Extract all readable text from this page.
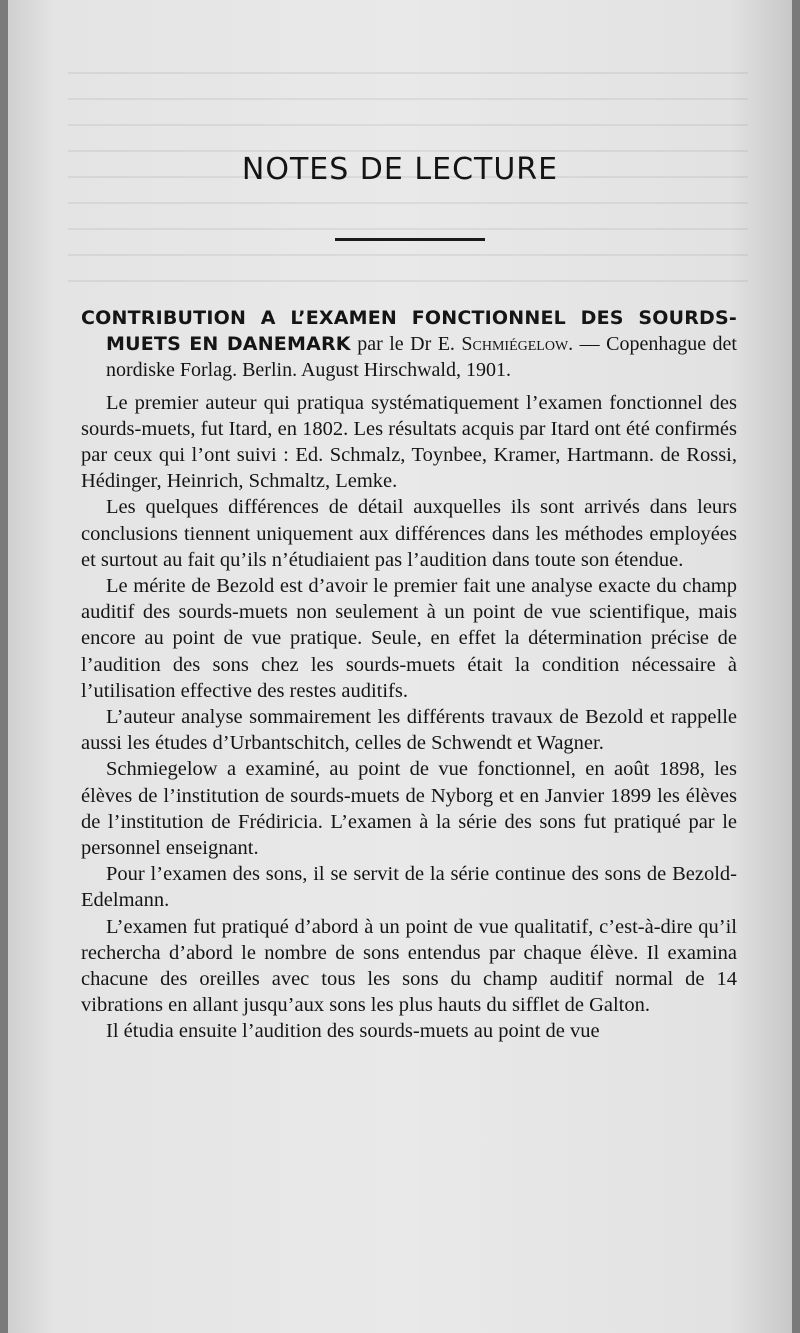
NOTES DE LECTURE

CONTRIBUTION A L’EXAMEN FONCTIONNEL DES SOURDS-MUETS EN DANEMARK par le Dr E. Schmiégelow. — Copenhague det nordiske Forlag. Berlin. August Hirschwald, 1901.

Le premier auteur qui pratiqua systématiquement l’examen fonctionnel des sourds-muets, fut Itard, en 1802. Les résultats acquis par Itard ont été confirmés par ceux qui l’ont suivi : Ed. Schmalz, Toynbee, Kramer, Hartmann. de Rossi, Hédinger, Heinrich, Schmaltz, Lemke.

Les quelques différences de détail auxquelles ils sont arrivés dans leurs conclusions tiennent uniquement aux différences dans les méthodes employées et surtout au fait qu’ils n’étudiaient pas l’audition dans toute son étendue.

Le mérite de Bezold est d’avoir le premier fait une analyse exacte du champ auditif des sourds-muets non seulement à un point de vue scientifique, mais encore au point de vue pratique. Seule, en effet la détermination précise de l’audition des sons chez les sourds-muets était la condition nécessaire à l’utilisation effective des restes auditifs.

L’auteur analyse sommairement les différents travaux de Bezold et rappelle aussi les études d’Urbantschitch, celles de Schwendt et Wagner.

Schmiegelow a examiné, au point de vue fonctionnel, en août 1898, les élèves de l’institution de sourds-muets de Nyborg et en Janvier 1899 les élèves de l’institution de Frédiricia. L’examen à la série des sons fut pratiqué par le personnel enseignant.

Pour l’examen des sons, il se servit de la série continue des sons de Bezold-Edelmann.

L’examen fut pratiqué d’abord à un point de vue qualitatif, c’est-à-dire qu’il rechercha d’abord le nombre de sons entendus par chaque élève. Il examina chacune des oreilles avec tous les sons du champ auditif normal de 14 vibrations en allant jusqu’aux sons les plus hauts du sifflet de Galton.

Il étudia ensuite l’audition des sourds-muets au point de vue
